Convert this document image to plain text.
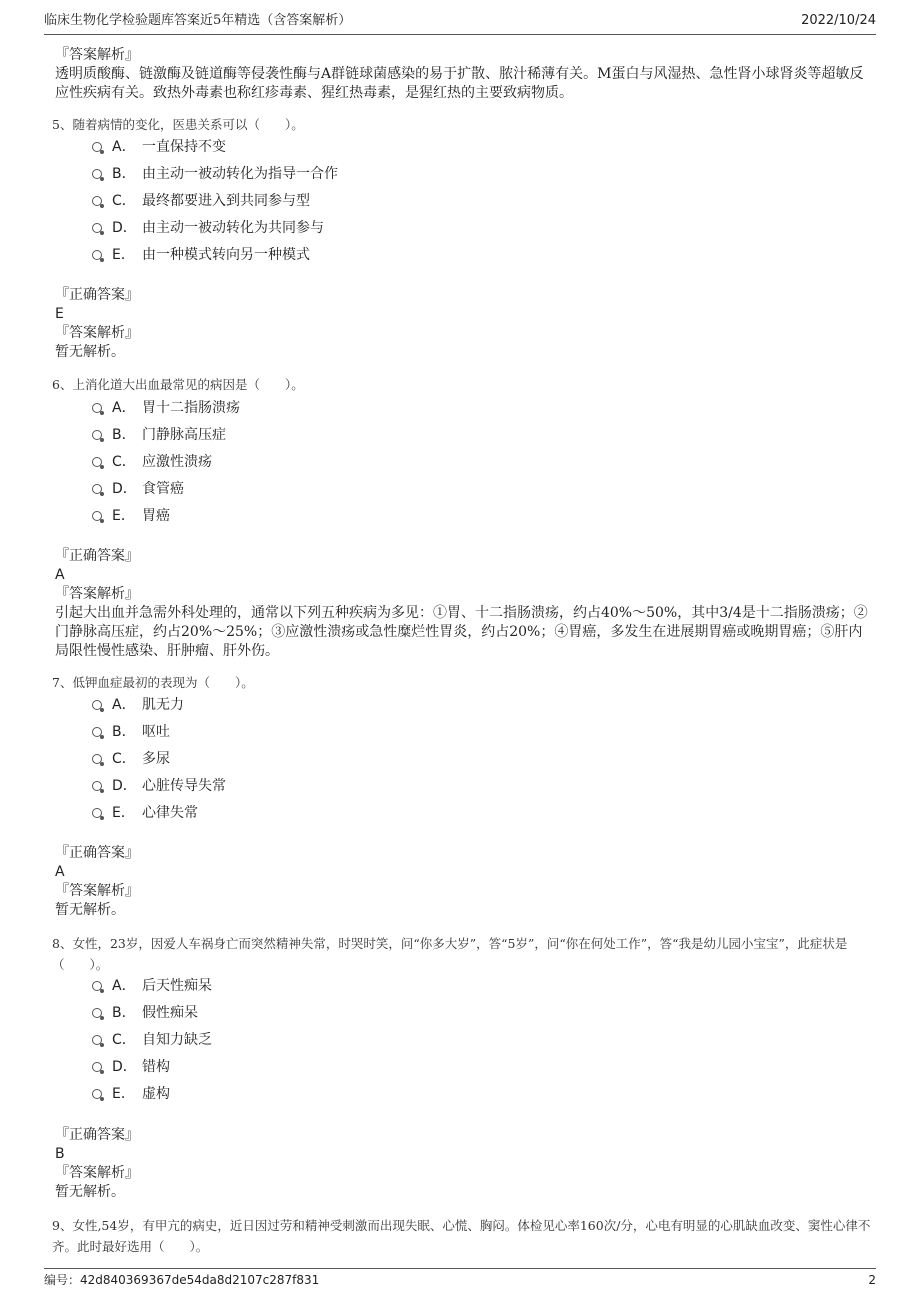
临床生物化学检验题库答案近5年精选（含答案解析）	2022/10/24
『答案解析』
透明质酸酶、链激酶及链道酶等侵袭性酶与A群链球菌感染的易于扩散、脓汁稀薄有关。M蛋白与风湿热、急性肾小球肾炎等超敏反应性疾病有关。致热外毒素也称红疹毒素、猩红热毒素，是猩红热的主要致病物质。
5、随着病情的变化，医患关系可以（　　）。
A． 一直保持不变
B． 由主动一被动转化为指导一合作
C． 最终都要进入到共同参与型
D． 由主动一被动转化为共同参与
E． 由一种模式转向另一种模式
『正确答案』
E
『答案解析』
暂无解析。
6、上消化道大出血最常见的病因是（　　）。
A． 胃十二指肠溃疡
B． 门静脉高压症
C． 应激性溃疡
D． 食管癌
E． 胃癌
『正确答案』
A
『答案解析』
引起大出血并急需外科处理的，通常以下列五种疾病为多见：①胃、十二指肠溃疡，约占40%～50%，其中3/4是十二指肠溃疡；②门静脉高压症，约占20%～25%；③应激性溃疡或急性糜烂性胃炎，约占20%；④胃癌，多发生在进展期胃癌或晚期胃癌；⑤肝内局限性慢性感染、肝肿瘤、肝外伤。
7、低钾血症最初的表现为（　　）。
A． 肌无力
B． 呕吐
C． 多尿
D． 心脏传导失常
E． 心律失常
『正确答案』
A
『答案解析』
暂无解析。
8、女性，23岁，因爱人车祸身亡而突然精神失常，时哭时笑，问“你多大岁”，答“5岁”，问“你在何处工作”，答“我是幼儿园小宝宝”，此症状是（　　）。
A． 后天性痴呆
B． 假性痴呆
C． 自知力缺乏
D． 错构
E． 虚构
『正确答案』
B
『答案解析』
暂无解析。
9、女性,54岁，有甲亢的病史，近日因过劳和精神受刺激而出现失眠、心慌、胸闷。体检见心率160次/分，心电有明显的心肌缺血改变、窦性心律不齐。此时最好选用（　　）。
编号：42d840369367de54da8d2107c287f831	2
